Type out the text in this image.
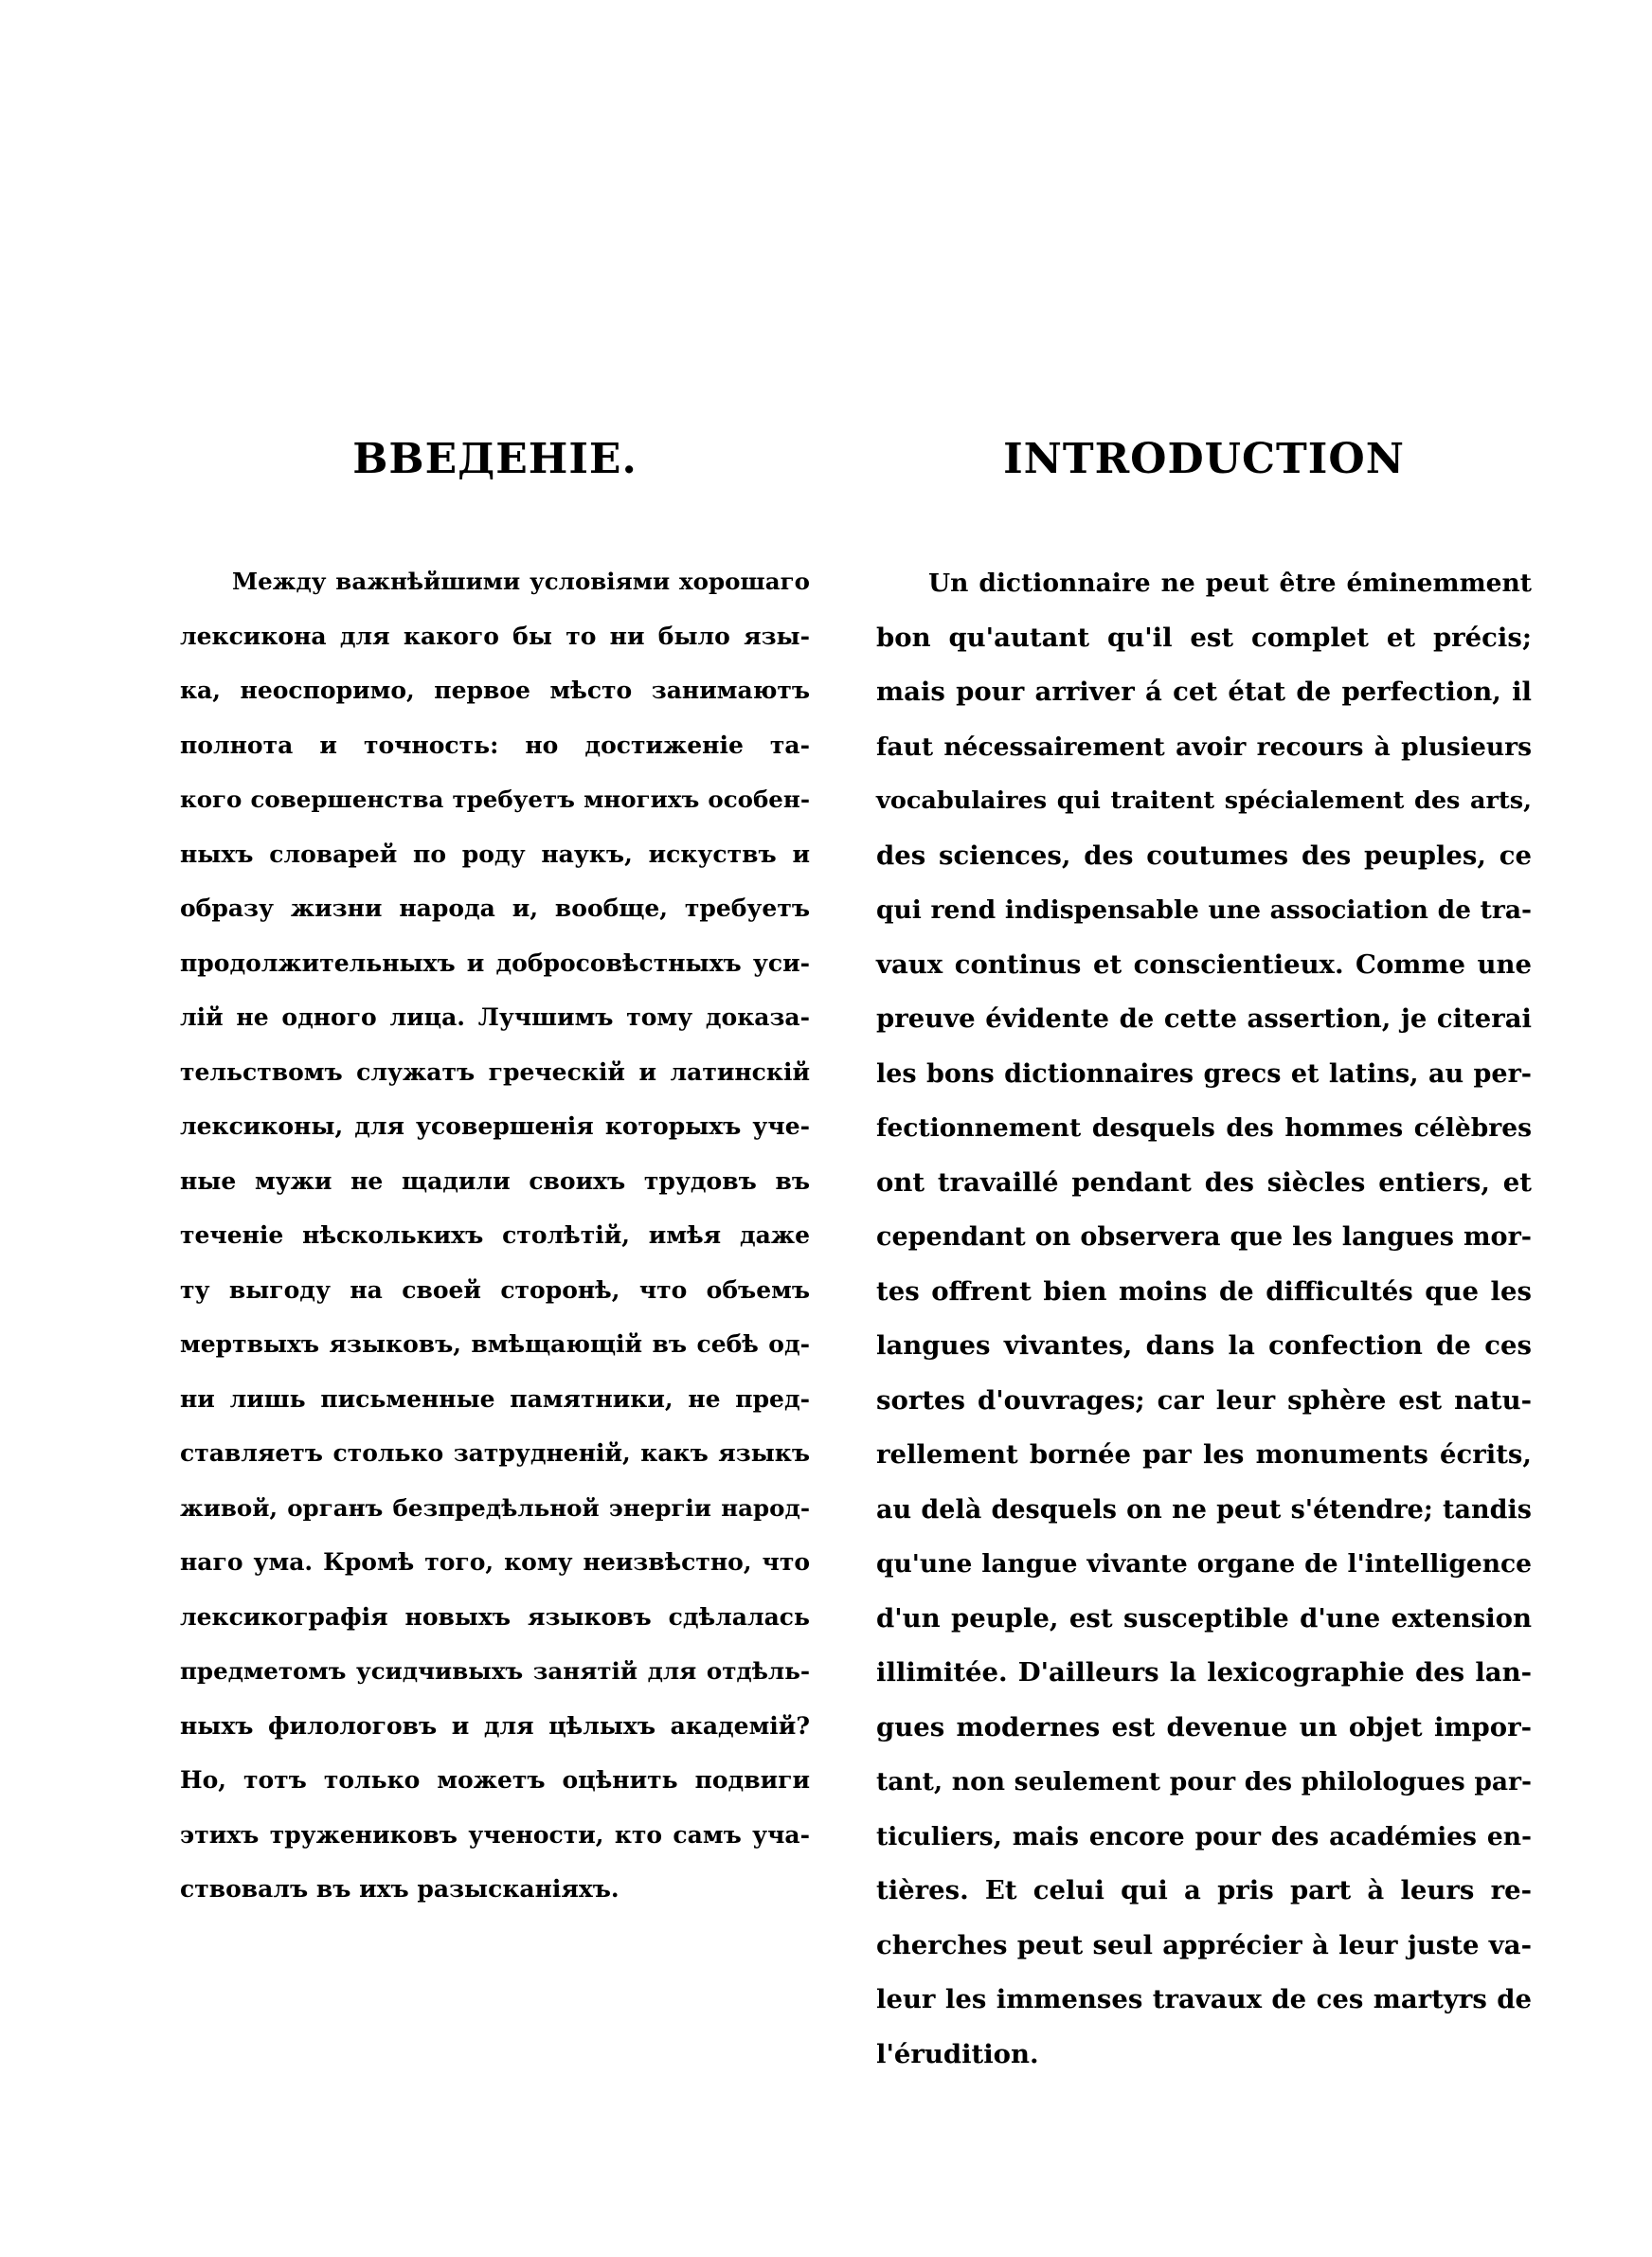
ВВЕДЕНІЕ.
Между важнѣйшими условіями хорошаго
лексикона для какого бы то ни было язы-
ка, неоспоримо, первое мѣсто занимаютъ
полнота и точность: но достиженіе та-
кого совершенства требуетъ многихъ особен-
ныхъ словарей по роду наукъ, искуствъ и
образу жизни народа и, вообще, требуетъ
продолжительныхъ и добросовѣстныхъ уси-
лій не одного лица. Лучшимъ тому доказа-
тельствомъ служатъ греческій и латинскій
лексиконы, для усовершенія которыхъ уче-
ные мужи не щадили своихъ трудовъ въ
теченіе нѣсколькихъ столѣтій, имѣя даже
ту выгоду на своей сторонѣ, что объемъ
мертвыхъ языковъ, вмѣщающій въ себѣ од-
ни лишь письменные памятники, не пред-
ставляетъ столько затрудненій, какъ языкъ
живой, органъ безпредѣльной энергіи народ-
наго ума. Кромѣ того, кому неизвѣстно, что
лексикографія новыхъ языковъ сдѣлалась
предметомъ усидчивыхъ занятій для отдѣль-
ныхъ филологовъ и для цѣлыхъ академій?
Но, тотъ только можетъ оцѣнить подвиги
этихъ тружениковъ учености, кто самъ уча-
ствовалъ въ ихъ разысканіяхъ.
INTRODUCTION
Un dictionnaire ne peut être éminemment
bon qu'autant qu'il est complet et précis;
mais pour arriver á cet état de perfection, il
faut nécessairement avoir recours à plusieurs
vocabulaires qui traitent spécialement des arts,
des sciences, des coutumes des peuples, ce
qui rend indispensable une association de tra-
vaux continus et conscientieux. Comme une
preuve évidente de cette assertion, je citerai
les bons dictionnaires grecs et latins, au per-
fectionnement desquels des hommes célèbres
ont travaillé pendant des siècles entiers, et
cependant on observera que les langues mor-
tes offrent bien moins de difficultés que les
langues vivantes, dans la confection de ces
sortes d'ouvrages; car leur sphère est natu-
rellement bornée par les monuments écrits,
au delà desquels on ne peut s'étendre; tandis
qu'une langue vivante organe de l'intelligence
d'un peuple, est susceptible d'une extension
illimitée. D'ailleurs la lexicographie des lan-
gues modernes est devenue un objet impor-
tant, non seulement pour des philologues par-
ticuliers, mais encore pour des académies en-
tières. Et celui qui a pris part à leurs re-
cherches peut seul apprécier à leur juste va-
leur les immenses travaux de ces martyrs de
l'érudition.
